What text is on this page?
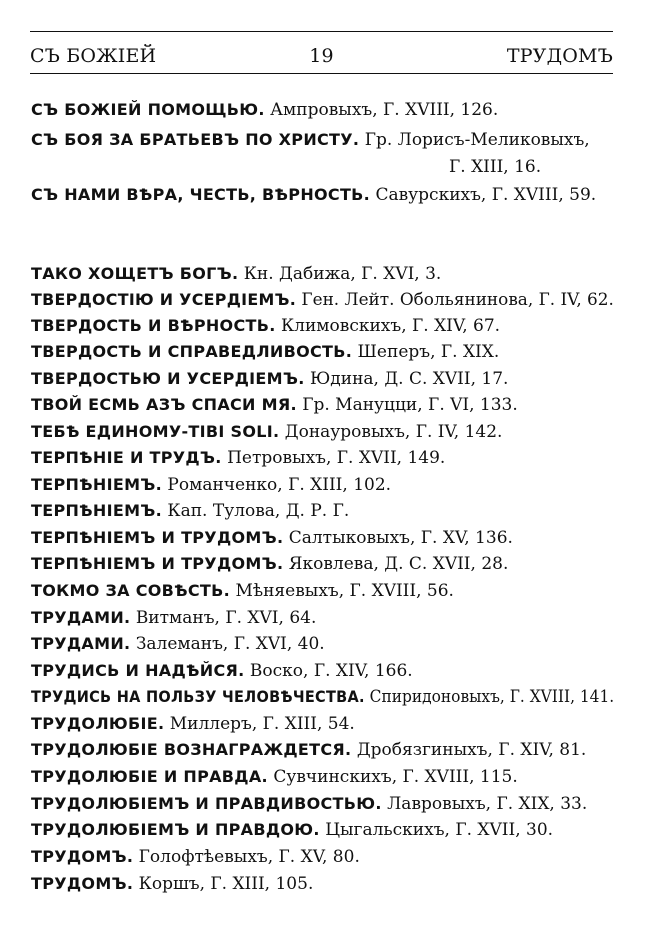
СЪ БОЖІЕЙ	19	ТРУДОМЪ
СЪ БОЖІЕЙ ПОМОЩЬЮ. Ампровыхъ, Г. XVIII, 126.
СЪ БОЯ ЗА БРАТЬЕВЪ ПО ХРИСТУ. Гр. Лорисъ-Меликовыхъ,
Г. XIII, 16.
СЪ НАМИ ВѢРА, ЧЕСТЬ, ВѢРНОСТЬ. Савурскихъ, Г. XVIII, 59.
ТАКО ХОЩЕТЪ БОГЪ. Кн. Дабижа, Г. XVI, 3.
ТВЕРДОСТІЮ И УСЕРДІЕМЪ. Ген. Лейт. Обольянинова, Г. IV, 62.
ТВЕРДОСТЬ И ВѢРНОСТЬ. Климовскихъ, Г. XIV, 67.
ТВЕРДОСТЬ И СПРАВЕДЛИВОСТЬ. Шеперъ, Г. XIX.
ТВЕРДОСТЬЮ И УСЕРДІЕМЪ. Юдина, Д. С. XVII, 17.
ТВОЙ ЕСМЬ АЗЪ СПАСИ МЯ. Гр. Мануцци, Г. VI, 133.
ТЕБѢ ЕДИНОМУ-TIBI SOLI. Донауровыхъ, Г. IV, 142.
ТЕРПѢНІЕ И ТРУДЪ. Петровыхъ, Г. XVII, 149.
ТЕРПѢНІЕМЪ. Романченко, Г. XIII, 102.
ТЕРПѢНІЕМЪ. Кап. Тулова, Д. Р. Г.
ТЕРПѢНІЕМЪ И ТРУДОМЪ. Салтыковыхъ, Г. XV, 136.
ТЕРПѢНІЕМЪ И ТРУДОМЪ. Яковлева, Д. С. XVII, 28.
ТОКМО ЗА СОВѢСТЬ. Мѣняевыхъ, Г. XVIII, 56.
ТРУДАМИ. Витманъ, Г. XVI, 64.
ТРУДАМИ. Залеманъ, Г. XVI, 40.
ТРУДИСЬ И НАДѢЙСЯ. Воско, Г. XIV, 166.
ТРУДИСЬ НА ПОЛЬЗУ ЧЕЛОВѢЧЕСТВА. Спиридоновыхъ, Г. XVIII, 141.
ТРУДОЛЮБІЕ. Миллеръ, Г. XIII, 54.
ТРУДОЛЮБІЕ ВОЗНАГРАЖДЕТСЯ. Дробязгиныхъ, Г. XIV, 81.
ТРУДОЛЮБІЕ И ПРАВДА. Сувчинскихъ, Г. XVIII, 115.
ТРУДОЛЮБІЕМЪ И ПРАВДИВОСТЬЮ. Лавровыхъ, Г. XIX, 33.
ТРУДОЛЮБІЕМЪ И ПРАВДОЮ. Цыгальскихъ, Г. XVII, 30.
ТРУДОМЪ. Голофтѣевыхъ, Г. XV, 80.
ТРУДОМЪ. Коршъ, Г. XIII, 105.
